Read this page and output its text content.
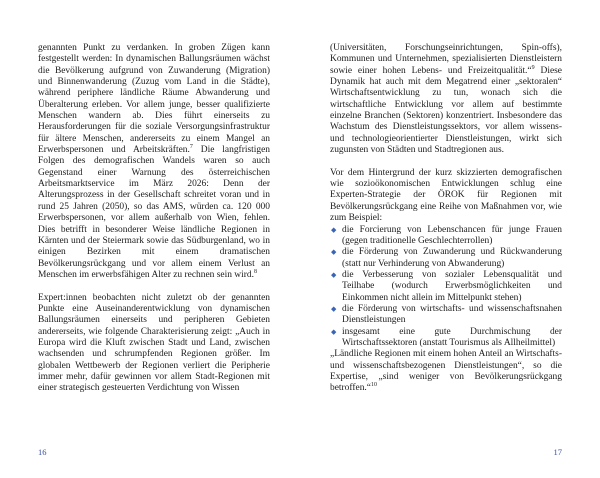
genannten Punkt zu verdanken. In groben Zügen kann festgestellt werden: In dynamischen Ballungsräumen wächst die Bevölkerung aufgrund von Zuwanderung (Migration) und Binnenwanderung (Zuzug vom Land in die Städte), während periphere ländliche Räume Abwanderung und Überalterung erleben. Vor allem junge, besser qualifizierte Menschen wandern ab. Dies führt einerseits zu Herausforderungen für die soziale Versorgungsinfrastruktur für ältere Menschen, andererseits zu einem Mangel an Erwerbspersonen und Arbeitskräften.$^7$ Die langfristigen Folgen des demografischen Wandels waren so auch Gegenstand einer Warnung des österreichischen Arbeitsmarktservice im März 2026: Denn der Alterungsprozess in der Gesellschaft schreitet voran und in rund 25 Jahren (2050), so das AMS, würden ca. 120 000 Erwerbspersonen, vor allem außerhalb von Wien, fehlen. Dies betrifft in besonderer Weise ländliche Regionen in Kärnten und der Steiermark sowie das Südburgenland, wo in einigen Bezirken mit einem dramatischen Bevölkerungsrückgang und vor allem einem Verlust an Menschen im erwerbsfähigen Alter zu rechnen sein wird.$^8$

Expert:innen beobachten nicht zuletzt ob der genannten Punkte eine Auseinanderentwicklung von dynamischen Ballungsräumen einerseits und peripheren Gebieten andererseits, wie folgende Charakterisierung zeigt: „Auch in Europa wird die Kluft zwischen Stadt und Land, zwischen wachsenden und schrumpfenden Regionen größer. Im globalen Wettbewerb der Regionen verliert die Peripherie immer mehr, dafür gewinnen vor allem Stadt-Regionen mit einer strategisch gesteuerten Verdichtung von Wissen

16

(Universitäten, Forschungseinrichtungen, Spin-offs), Kommunen und Unternehmen, spezialisierten Dienstleistern sowie einer hohen Lebens- und Freizeitqualität.“$^9$ Diese Dynamik hat auch mit dem Megatrend einer „sektoralen“ Wirtschaftsentwicklung zu tun, wonach sich die wirtschaftliche Entwicklung vor allem auf bestimmte einzelne Branchen (Sektoren) konzentriert. Insbesondere das Wachstum des Dienstleistungssektors, vor allem wissens- und technologieorientierter Dienstleistungen, wirkt sich zugunsten von Städten und Stadtregionen aus.

Vor dem Hintergrund der kurz skizzierten demografischen wie sozioökonomischen Entwicklungen schlug eine Experten-Strategie der ÖROK für Regionen mit Bevölkerungsrückgang eine Reihe von Maßnahmen vor, wie zum Beispiel:

◆ die Forcierung von Lebenschancen für junge Frauen (gegen traditionelle Geschlechterrollen)
◆ die Förderung von Zuwanderung und Rückwanderung (statt nur Verhinderung von Abwanderung)
◆ die Verbesserung von sozialer Lebensqualität und Teilhabe (wodurch Erwerbsmöglichkeiten und Einkommen nicht allein im Mittelpunkt stehen)
◆ die Förderung von wirtschafts- und wissenschaftsnahen Dienstleistungen
◆ insgesamt eine gute Durchmischung der Wirtschaftssektoren (anstatt Tourismus als Allheilmittel)

„Ländliche Regionen mit einem hohen Anteil an Wirtschafts- und wissenschaftsbezogenen Dienstleistungen“, so die Expertise, „sind weniger von Bevölkerungsrückgang betroffen.“$^{10}$

17
